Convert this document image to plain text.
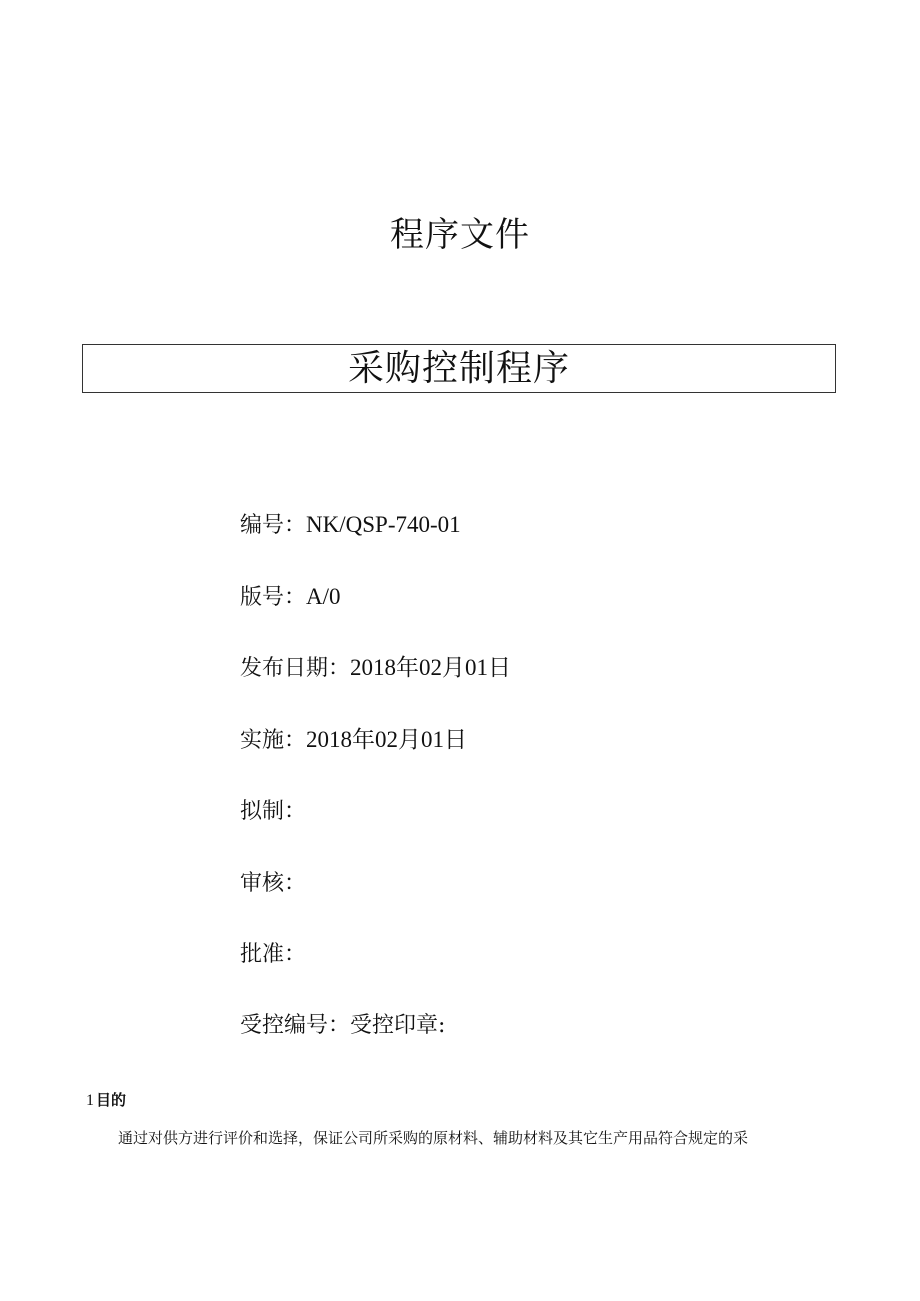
程序文件
采购控制程序
编号：NK/QSP-740-01
版号：A/0
发布日期：2018年02月01日
实施：2018年02月01日
拟制：
审核：
批准：
受控编号：受控印章:
1 目的
通过对供方进行评价和选择，保证公司所采购的原材料、辅助材料及其它生产用品符合规定的采
